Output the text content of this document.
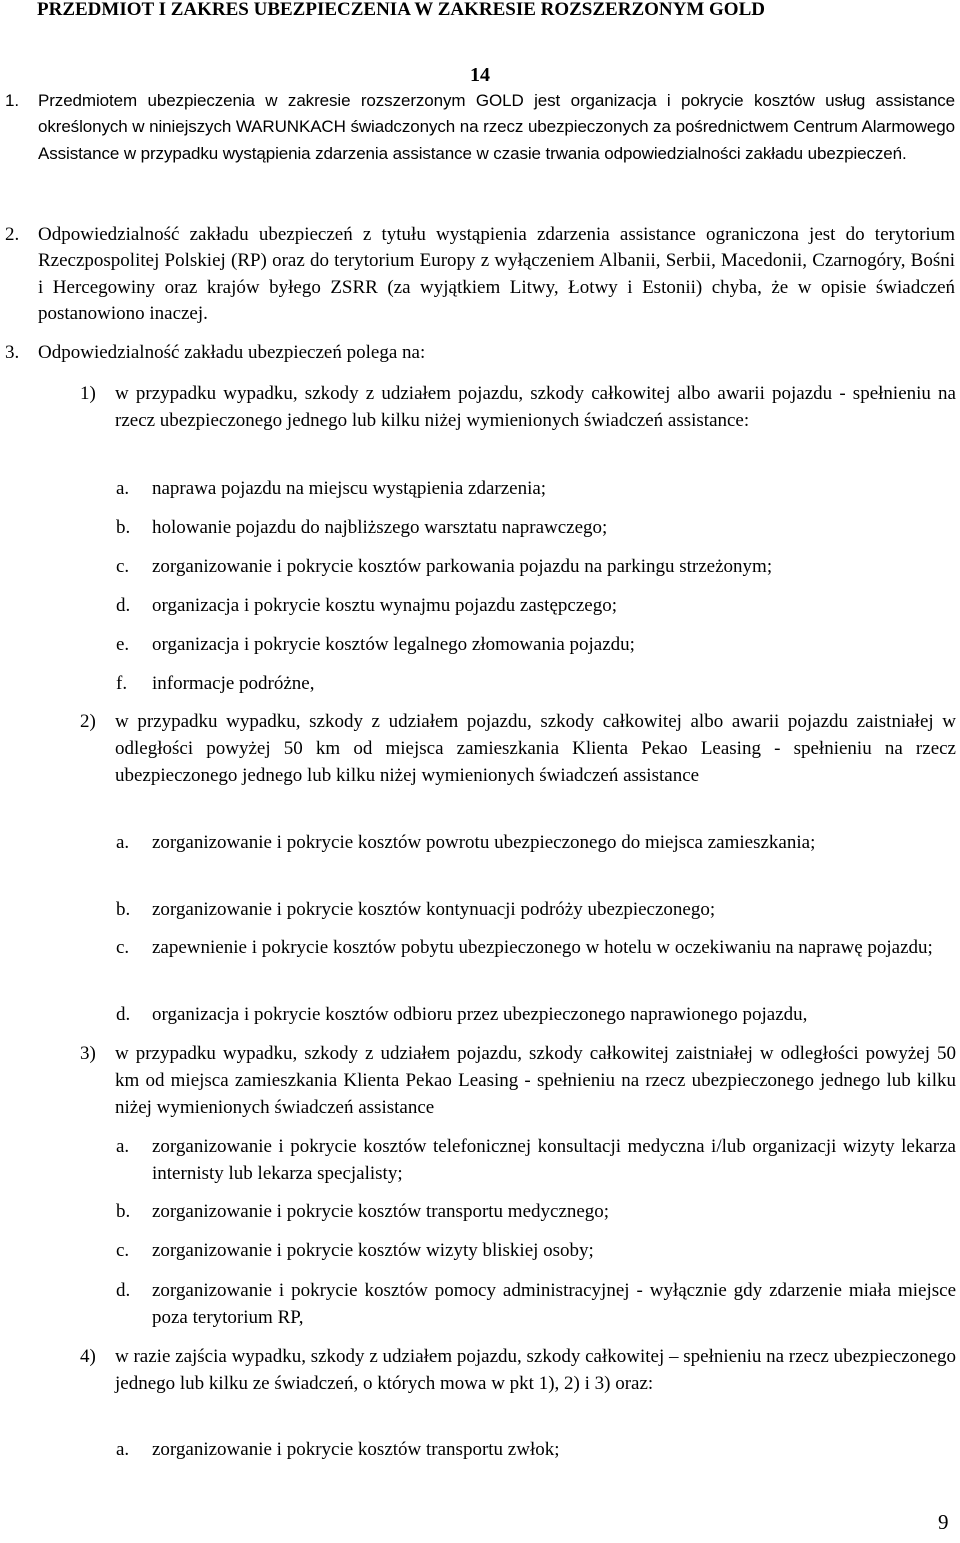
PRZEDMIOT I ZAKRES UBEZPIECZENIA W ZAKRESIE ROZSZERZONYM GOLD
14
1. Przedmiotem ubezpieczenia w zakresie rozszerzonym GOLD jest organizacja i pokrycie kosztów usług assistance określonych w niniejszych WARUNKACH świadczonych na rzecz ubezpieczonych za pośrednictwem Centrum Alarmowego Assistance w przypadku wystąpienia zdarzenia assistance w czasie trwania odpowiedzialności zakładu ubezpieczeń.
2. Odpowiedzialność zakładu ubezpieczeń z tytułu wystąpienia zdarzenia assistance ograniczona jest do terytorium Rzeczpospolitej Polskiej (RP) oraz do terytorium Europy z wyłączeniem Albanii, Serbii, Macedonii, Czarnogóry, Bośni i Hercegowiny oraz krajów byłego ZSRR (za wyjątkiem Litwy, Łotwy i Estonii) chyba, że w opisie świadczeń postanowiono inaczej.
3. Odpowiedzialność zakładu ubezpieczeń polega na:
1) w przypadku wypadku, szkody z udziałem pojazdu, szkody całkowitej albo awarii pojazdu - spełnieniu na rzecz ubezpieczonego jednego lub kilku niżej wymienionych świadczeń assistance:
a. naprawa pojazdu na miejscu wystąpienia zdarzenia;
b. holowanie pojazdu do najbliższego warsztatu naprawczego;
c. zorganizowanie i pokrycie kosztów parkowania pojazdu na parkingu strzeżonym;
d. organizacja i pokrycie kosztu wynajmu pojazdu zastępczego;
e. organizacja i pokrycie kosztów legalnego złomowania pojazdu;
f. informacje podróżne,
2) w przypadku wypadku, szkody z udziałem pojazdu, szkody całkowitej albo awarii pojazdu zaistniałej w odległości powyżej 50 km od miejsca zamieszkania Klienta Pekao Leasing - spełnieniu na rzecz ubezpieczonego jednego lub kilku niżej wymienionych świadczeń assistance
a. zorganizowanie i pokrycie kosztów powrotu ubezpieczonego do miejsca zamieszkania;
b. zorganizowanie i pokrycie kosztów kontynuacji podróży ubezpieczonego;
c. zapewnienie i pokrycie kosztów pobytu ubezpieczonego w hotelu w oczekiwaniu na naprawę pojazdu;
d. organizacja i pokrycie kosztów odbioru przez ubezpieczonego naprawionego pojazdu,
3) w przypadku wypadku, szkody z udziałem pojazdu, szkody całkowitej zaistniałej w odległości powyżej 50 km od miejsca zamieszkania Klienta Pekao Leasing - spełnieniu na rzecz ubezpieczonego jednego lub kilku niżej wymienionych świadczeń assistance
a. zorganizowanie i pokrycie kosztów telefonicznej konsultacji medyczna i/lub organizacji wizyty lekarza internisty lub lekarza specjalisty;
b. zorganizowanie i pokrycie kosztów transportu medycznego;
c. zorganizowanie i pokrycie kosztów wizyty bliskiej osoby;
d. zorganizowanie i pokrycie kosztów pomocy administracyjnej - wyłącznie gdy zdarzenie miała miejsce poza terytorium RP,
4) w razie zajścia wypadku, szkody z udziałem pojazdu, szkody całkowitej – spełnieniu na rzecz ubezpieczonego jednego lub kilku ze świadczeń, o których mowa w pkt 1), 2) i 3) oraz:
a. zorganizowanie i pokrycie kosztów transportu zwłok;
9
